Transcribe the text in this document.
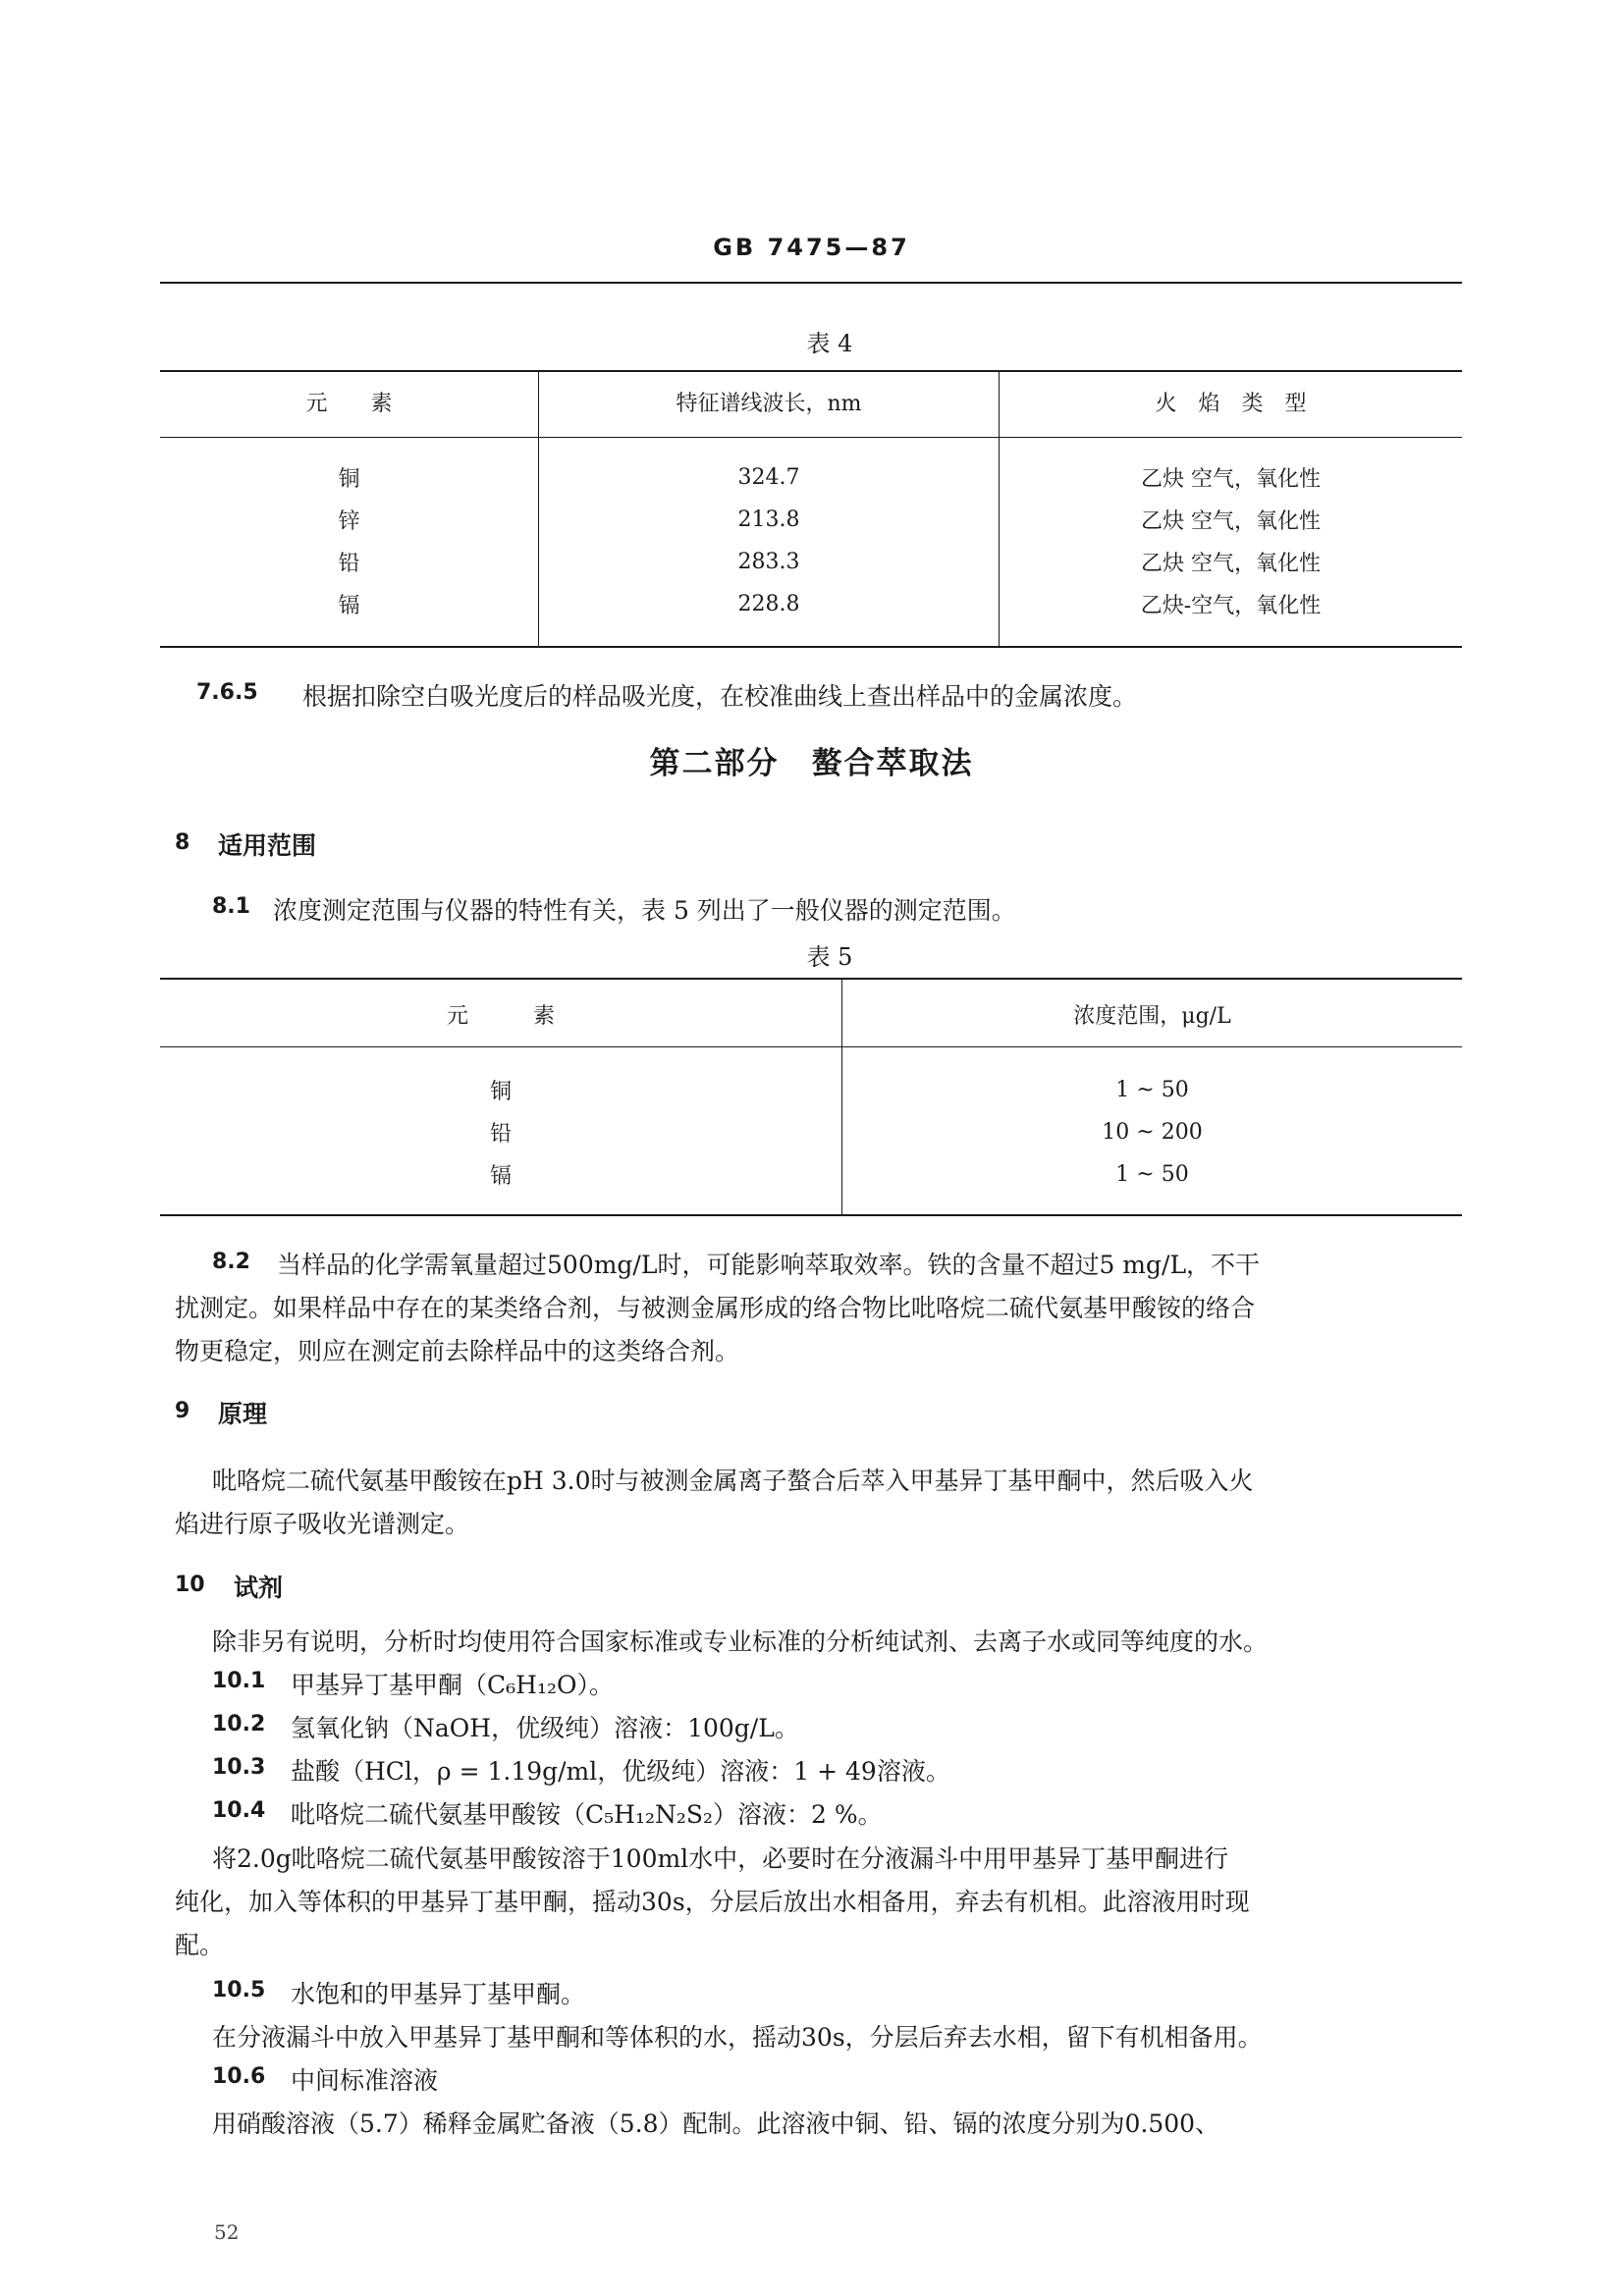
GB 7475—87
表 4
元　　素	特征谱线波长，nm	火　焰　类　型
铜	324.7	乙炔 空气，氧化性
锌	213.8	乙炔 空气，氧化性
铅	283.3	乙炔 空气，氧化性
镉	228.8	乙炔-空气，氧化性
7.6.5 根据扣除空白吸光度后的样品吸光度，在校准曲线上查出样品中的金属浓度。
第二部分　螯合萃取法
8 适用范围
8.1 浓度测定范围与仪器的特性有关，表 5 列出了一般仪器的测定范围。
表 5
元　　　素	浓度范围，μg/L
铜	1 ~ 50
铅	10 ~ 200
镉	1 ~ 50
8.2 当样品的化学需氧量超过500mg/L时，可能影响萃取效率。铁的含量不超过5 mg/L，不干
扰测定。如果样品中存在的某类络合剂，与被测金属形成的络合物比吡咯烷二硫代氨基甲酸铵的络合
物更稳定，则应在测定前去除样品中的这类络合剂。
9 原理
吡咯烷二硫代氨基甲酸铵在pH 3.0时与被测金属离子螯合后萃入甲基异丁基甲酮中，然后吸入火
焰进行原子吸收光谱测定。
10 试剂
除非另有说明，分析时均使用符合国家标准或专业标准的分析纯试剂、去离子水或同等纯度的水。
10.1 甲基异丁基甲酮（C₆H₁₂O）。
10.2 氢氧化钠（NaOH，优级纯）溶液：100g/L。
10.3 盐酸（HCl，ρ = 1.19g/ml，优级纯）溶液：1 + 49溶液。
10.4 吡咯烷二硫代氨基甲酸铵（C₅H₁₂N₂S₂）溶液：2 %。
将2.0g吡咯烷二硫代氨基甲酸铵溶于100ml水中，必要时在分液漏斗中用甲基异丁基甲酮进行
纯化，加入等体积的甲基异丁基甲酮，摇动30s，分层后放出水相备用，弃去有机相。此溶液用时现
配。
10.5 水饱和的甲基异丁基甲酮。
在分液漏斗中放入甲基异丁基甲酮和等体积的水，摇动30s，分层后弃去水相，留下有机相备用。
10.6 中间标准溶液
用硝酸溶液（5.7）稀释金属贮备液（5.8）配制。此溶液中铜、铅、镉的浓度分别为0.500、
52
